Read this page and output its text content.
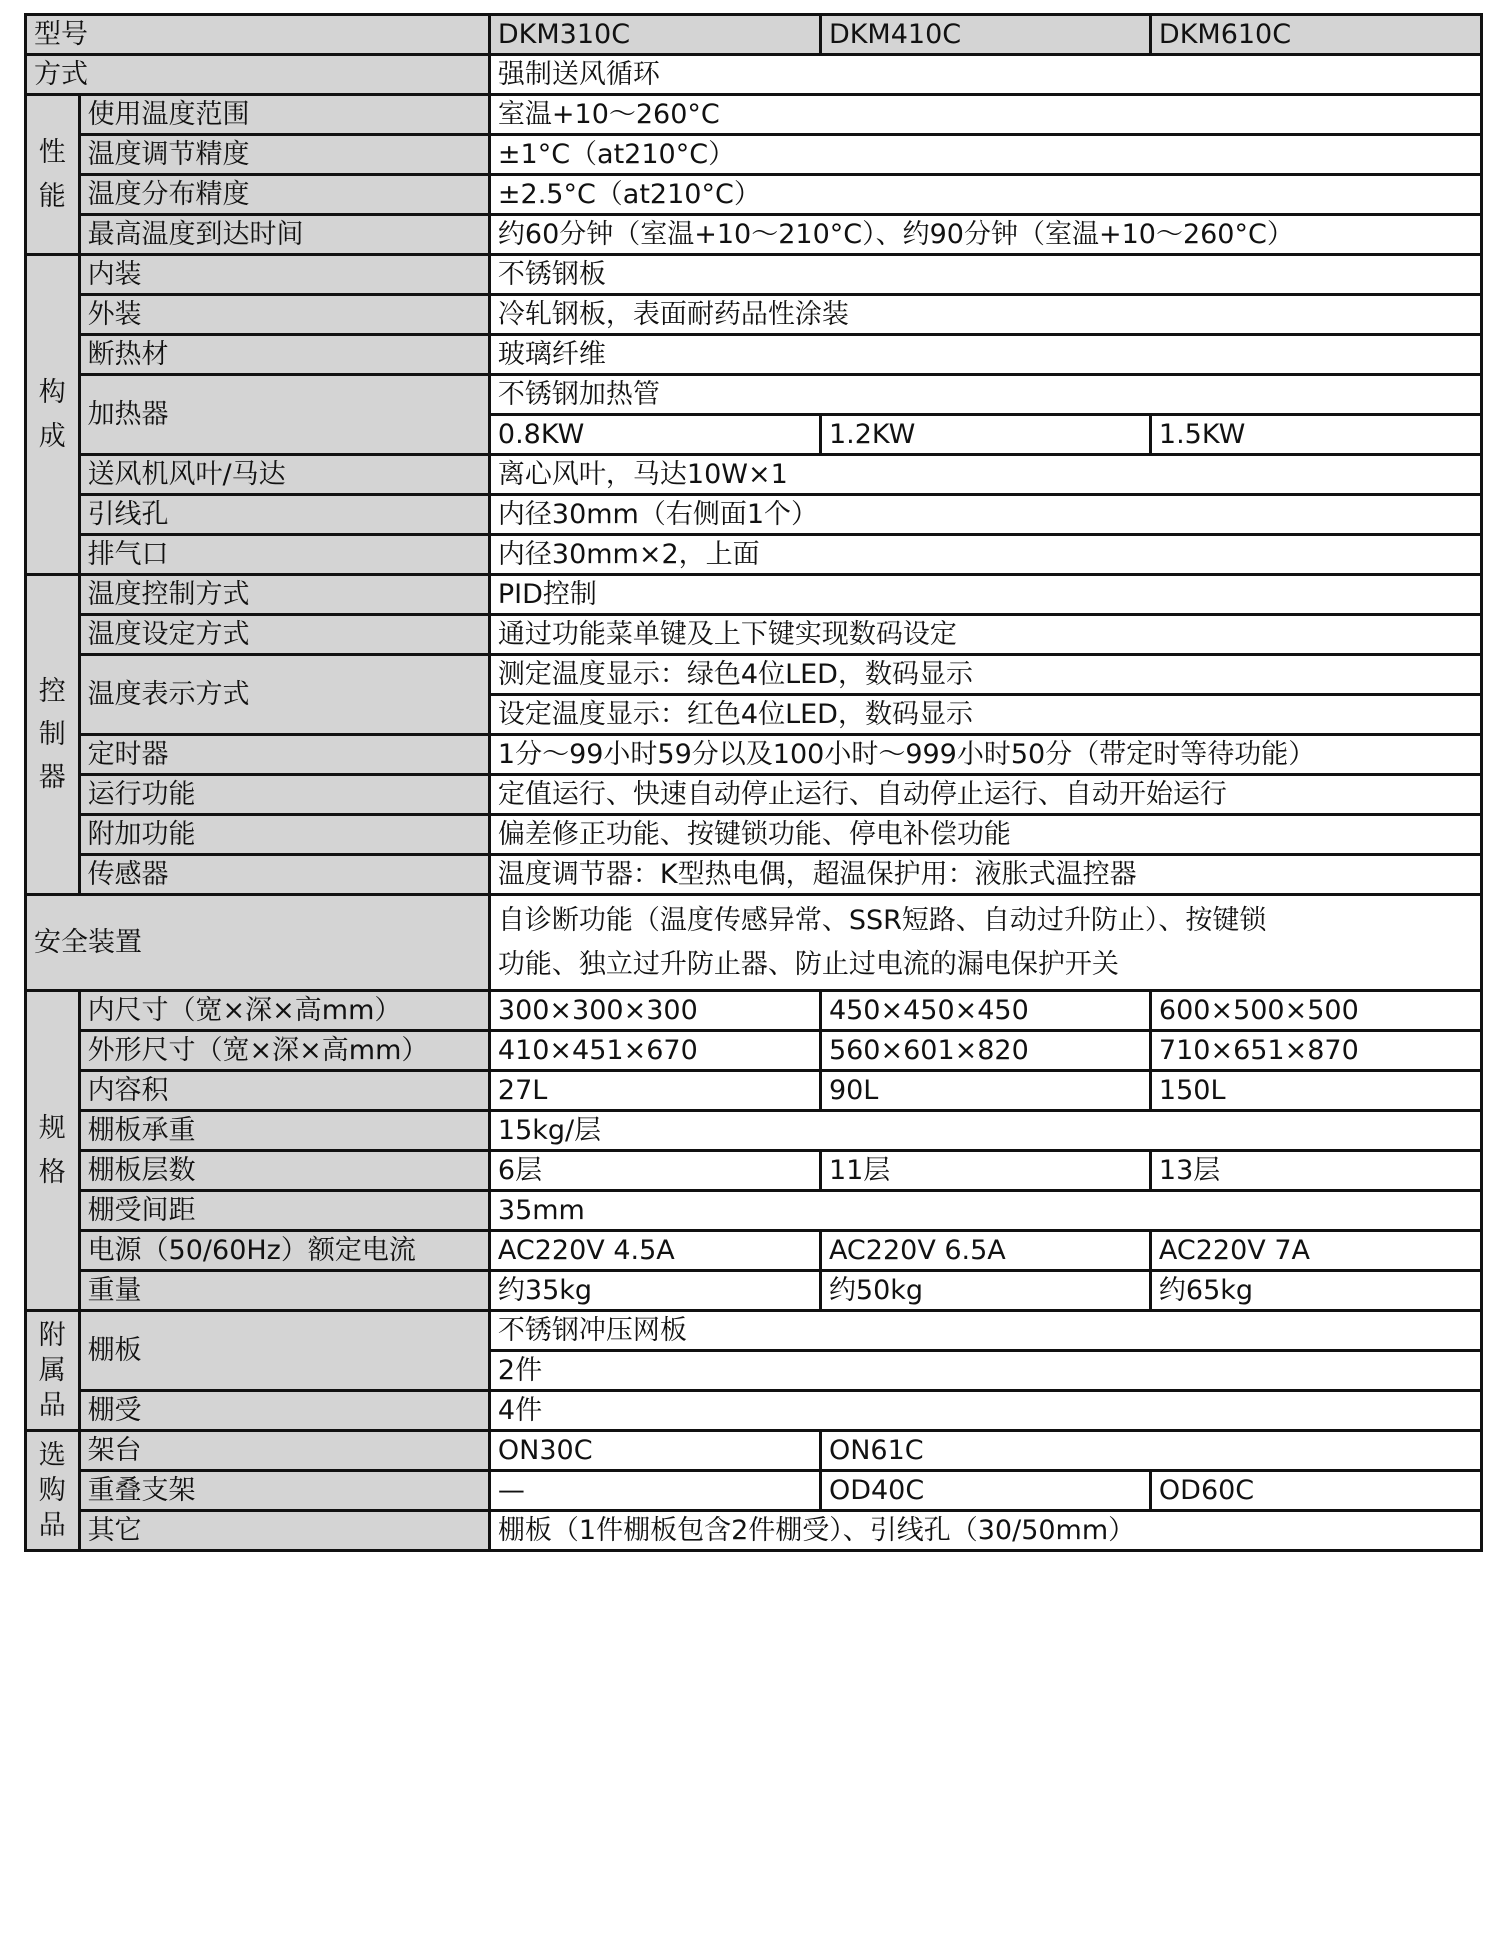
型号		DKM310C	DKM410C	DKM610C
方式		强制送风循环		

性
能	使用温度范围	室温+10～260°C		
	温度调节精度	±1°C（at210°C）		
	温度分布精度	±2.5°C（at210°C）		
	最高温度到达时间	约60分钟（室温+10～210°C）、约90分钟（室温+10～260°C）		

构
成	内装	不锈钢板		
	外装	冷轧钢板，表面耐药品性涂装		
	断热材	玻璃纤维		
	加热器	不锈钢加热管		
		0.8KW	1.2KW	1.5KW
	送风机风叶/马达	离心风叶，马达10W×1		
	引线孔	内径30mm（右侧面1个）		
	排气口	内径30mm×2，上面		

控
制
器	温度控制方式	PID控制		
	温度设定方式	通过功能菜单键及上下键实现数码设定		
	温度表示方式	测定温度显示：绿色4位LED，数码显示		
		设定温度显示：红色4位LED，数码显示		
	定时器	1分～99小时59分以及100小时～999小时50分（带定时等待功能）		
	运行功能	定值运行、快速自动停止运行、自动停止运行、自动开始运行		
	附加功能	偏差修正功能、按键锁功能、停电补偿功能		
	传感器	温度调节器：K型热电偶，超温保护用：液胀式温控器		
安全装置		自诊断功能（温度传感异常、SSR短路、自动过升防止）、按键锁
功能、独立过升防止器、防止过电流的漏电保护开关		

规
格	内尺寸（宽×深×高mm）	300×300×300	450×450×450	600×500×500
	外形尺寸（宽×深×高mm）	410×451×670	560×601×820	710×651×870
	内容积	27L	90L	150L
	棚板承重	15kg/层		
	棚板层数	6层	11层	13层
	棚受间距	35mm		
	电源（50/60Hz）额定电流	AC220V 4.5A	AC220V 6.5A	AC220V 7A
	重量	约35kg	约50kg	约65kg

附
属
品	棚板	不锈钢冲压网板		
		2件		
	棚受	4件		

选
购
品	架台	ON30C	ON61C	
	重叠支架	—	OD40C	OD60C
	其它	棚板（1件棚板包含2件棚受）、引线孔（30/50mm）		
